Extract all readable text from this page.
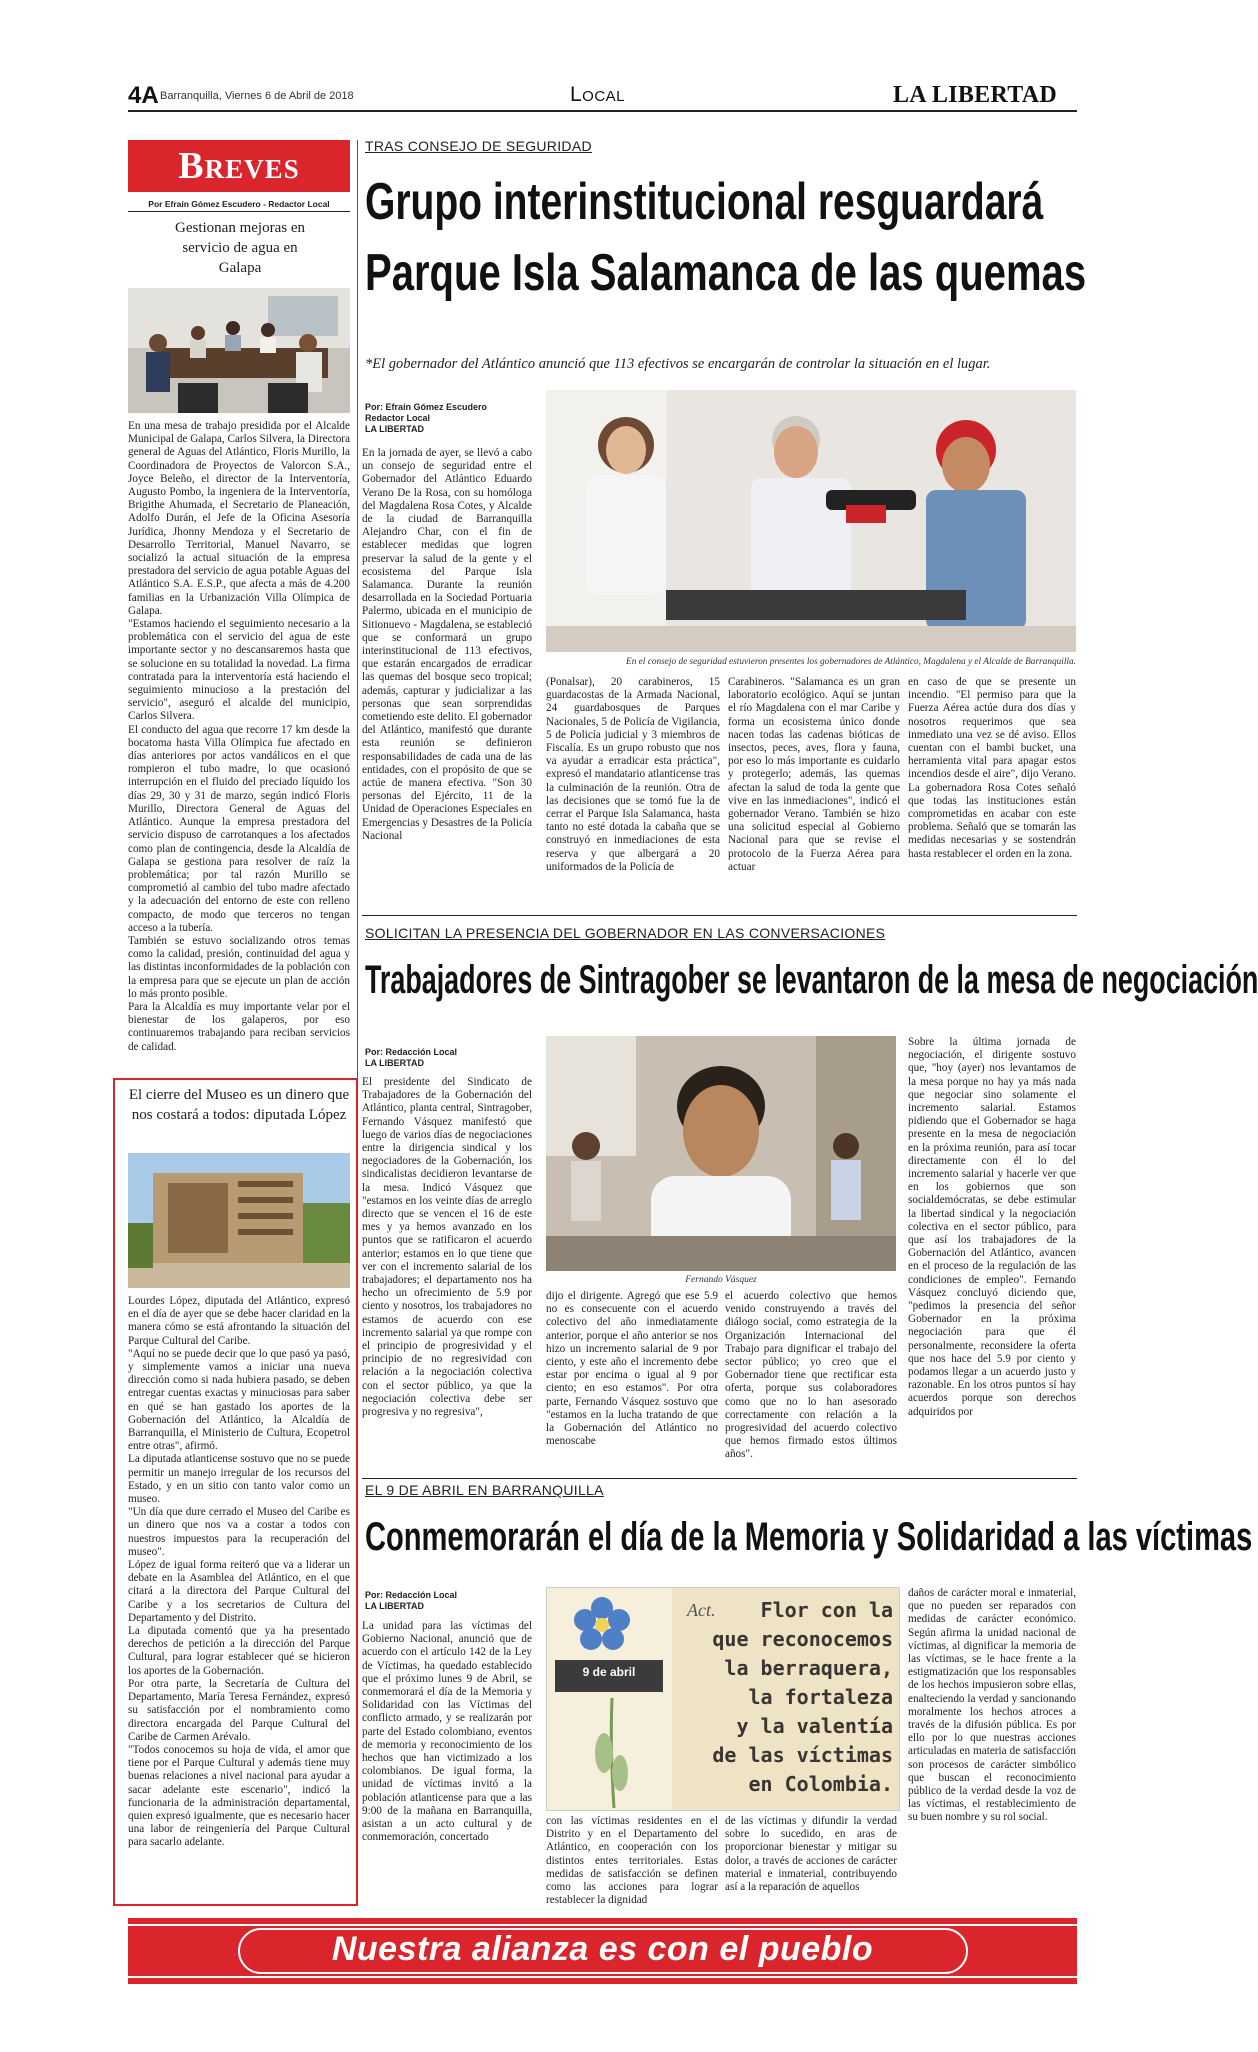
4A Barranquilla, Viernes 6 de Abril de 2018	Local	LA LIBERTAD
Breves
Por Efraín Gómez Escudero - Redactor Local
Gestionan mejoras en servicio de agua en Galapa

En una mesa de trabajo presidida por el Alcalde Municipal de Galapa, Carlos Silvera, la Directora general de Aguas del Atlántico, Floris Murillo, la Coordinadora de Proyectos de Valorcon S.A., Joyce Beleño, el director de la Interventoría, Augusto Pombo, la ingeniera de la Interventoría, Brigithe Ahumada, el Secretario de Planeación, Adolfo Durán, el Jefe de la Oficina Asesoría Jurídica, Jhonny Mendoza y el Secretario de Desarrollo Territorial, Manuel Navarro, se socializó la actual situación de la empresa prestadora del servicio de agua potable Aguas del Atlántico S.A. E.S.P., que afecta a más de 4.200 familias en la Urbanización Villa Olímpica de Galapa.

"Estamos haciendo el seguimiento necesario a la problemática con el servicio del agua de este importante sector y no descansaremos hasta que se solucione en su totalidad la novedad. La firma contratada para la interventoría está haciendo el seguimiento minucioso a la prestación del servicio", aseguró el alcalde del municipio, Carlos Silvera.

El conducto del agua que recorre 17 km desde la bocatoma hasta Villa Olímpica fue afectado en días anteriores por actos vandálicos en el que rompieron el tubo madre, lo que ocasionó interrupción en el fluido del preciado líquido los días 29, 30 y 31 de marzo, según indicó Floris Murillo, Directora General de Aguas del Atlántico. Aunque la empresa prestadora del servicio dispuso de carrotanques a los afectados como plan de contingencia, desde la Alcaldía de Galapa se gestiona para resolver de raíz la problemática; por tal razón Murillo se comprometió al cambio del tubo madre afectado y la adecuación del entorno de este con relleno compacto, de modo que terceros no tengan acceso a la tubería.

También se estuvo socializando otros temas como la calidad, presión, continuidad del agua y las distintas inconformidades de la población con la empresa para que se ejecute un plan de acción lo más pronto posible.

Para la Alcaldía es muy importante velar por el bienestar de los galaperos, por eso continuaremos trabajando para reciban servicios de calidad.

El cierre del Museo es un dinero que nos costará a todos: diputada López

Lourdes López, diputada del Atlántico, expresó en el día de ayer que se debe hacer claridad en la manera cómo se está afrontando la situación del Parque Cultural del Caribe.

"Aquí no se puede decir que lo que pasó ya pasó, y simplemente vamos a iniciar una nueva dirección como si nada hubiera pasado, se deben entregar cuentas exactas y minuciosas para saber en qué se han gastado los aportes de la Gobernación del Atlántico, la Alcaldía de Barranquilla, el Ministerio de Cultura, Ecopetrol entre otras", afirmó.

La diputada atlanticense sostuvo que no se puede permitir un manejo irregular de los recursos del Estado, y en un sitio con tanto valor como un museo.

"Un día que dure cerrado el Museo del Caribe es un dinero que nos va a costar a todos con nuestros impuestos para la recuperación del museo".

López de igual forma reiteró que va a liderar un debate en la Asamblea del Atlántico, en el que citará a la directora del Parque Cultural del Caribe y a los secretarios de Cultura del Departamento y del Distrito.

La diputada comentó que ya ha presentado derechos de petición a la dirección del Parque Cultural, para lograr establecer qué se hicieron los aportes de la Gobernación.

Por otra parte, la Secretaría de Cultura del Departamento, María Teresa Fernández, expresó su satisfacción por el nombramiento como directora encargada del Parque Cultural del Caribe de Carmen Arévalo.

"Todos conocemos su hoja de vida, el amor que tiene por el Parque Cultural y además tiene muy buenas relaciones a nivel nacional para ayudar a sacar adelante este escenario", indicó la funcionaria de la administración departamental, quien expresó igualmente, que es necesario hacer una labor de reingeniería del Parque Cultural para sacarlo adelante.

TRAS CONSEJO DE SEGURIDAD
Grupo interinstitucional resguardará
Parque Isla Salamanca de las quemas
*El gobernador del Atlántico anunció que 113 efectivos se encargarán de controlar la situación en el lugar.
Por: Efraín Gómez Escudero
Redactor Local
LA LIBERTAD
En la jornada de ayer, se llevó a cabo un consejo de seguridad entre el Gobernador del Atlántico Eduardo Verano De la Rosa, con su homóloga del Magdalena Rosa Cotes, y Alcalde de la ciudad de Barranquilla Alejandro Char, con el fin de establecer medidas que logren preservar la salud de la gente y el ecosistema del Parque Isla Salamanca. Durante la reunión desarrollada en la Sociedad Portuaria Palermo, ubicada en el municipio de Sitionuevo - Magdalena, se estableció que se conformará un grupo interinstitucional de 113 efectivos, que estarán encargados de erradicar las quemas del bosque seco tropical; además, capturar y judicializar a las personas que sean sorprendidas cometiendo este delito. El gobernador del Atlántico, manifestó que durante esta reunión se definieron responsabilidades de cada una de las entidades, con el propósito de que se actúe de manera efectiva. "Son 30 personas del Ejército, 11 de la Unidad de Operaciones Especiales en Emergencias y Desastres de la Policía Nacional
En el consejo de seguridad estuvieron presentes los gobernadores de Atlántico, Magdalena y el Alcalde de Barranquilla.
(Ponalsar), 20 carabineros, 15 guardacostas de la Armada Nacional, 24 guardabosques de Parques Nacionales, 5 de Policía de Vigilancia, 5 de Policía judicial y 3 miembros de Fiscalía. Es un grupo robusto que nos va ayudar a erradicar esta práctica", expresó el mandatario atlanticense tras la culminación de la reunión. Otra de las decisiones que se tomó fue la de cerrar el Parque Isla Salamanca, hasta tanto no esté dotada la cabaña que se construyó en inmediaciones de esta reserva y que albergará a 20 uniformados de la Policía de
Carabineros. "Salamanca es un gran laboratorio ecológico. Aquí se juntan el río Magdalena con el mar Caribe y forma un ecosistema único donde nacen todas las cadenas bióticas de insectos, peces, aves, flora y fauna, por eso lo más importante es cuidarlo y protegerlo; además, las quemas afectan la salud de toda la gente que vive en las inmediaciones", indicó el gobernador Verano. También se hizo una solicitud especial al Gobierno Nacional para que se revise el protocolo de la Fuerza Aérea para actuar
en caso de que se presente un incendio. "El permiso para que la Fuerza Aérea actúe dura dos días y nosotros requerimos que sea inmediato una vez se dé aviso. Ellos cuentan con el bambi bucket, una herramienta vital para apagar estos incendios desde el aire", dijo Verano. La gobernadora Rosa Cotes señaló que todas las instituciones están comprometidas en acabar con este problema. Señaló que se tomarán las medidas necesarias y se sostendrán hasta restablecer el orden en la zona.
SOLICITAN LA PRESENCIA DEL GOBERNADOR EN LAS CONVERSACIONES
Trabajadores de Sintragober se levantaron de la mesa de negociación
Por: Redacción Local
LA LIBERTAD
El presidente del Sindicato de Trabajadores de la Gobernación del Atlántico, planta central, Sintragober, Fernando Vásquez manifestó que luego de varios días de negociaciones entre la dirigencia sindical y los negociadores de la Gobernación, los sindicalistas decidieron levantarse de la mesa. Indicó Vásquez que "estamos en los veinte días de arreglo directo que se vencen el 16 de este mes y ya hemos avanzado en los puntos que se ratificaron el acuerdo anterior; estamos en lo que tiene que ver con el incremento salarial de los trabajadores; el departamento nos ha hecho un ofrecimiento de 5.9 por ciento y nosotros, los trabajadores no estamos de acuerdo con ese incremento salarial ya que rompe con el principio de progresividad y el principio de no regresividad con relación a la negociación colectiva con el sector público, ya que la negociación colectiva debe ser progresiva y no regresiva",
Fernando Vásquez
dijo el dirigente. Agregó que ese 5.9 no es consecuente con el acuerdo colectivo del año inmediatamente anterior, porque el año anterior se nos hizo un incremento salarial de 9 por ciento, y este año el incremento debe estar por encima o igual al 9 por ciento; en eso estamos". Por otra parte, Fernando Vásquez sostuvo que "estamos en la lucha tratando de que la Gobernación del Atlántico no menoscabe
el acuerdo colectivo que hemos venido construyendo a través del diálogo social, como estrategia de la Organización Internacional del Trabajo para dignificar el trabajo del sector público; yo creo que el Gobernador tiene que rectificar esta oferta, porque sus colaboradores como que no lo han asesorado correctamente con relación a la progresividad del acuerdo colectivo que hemos firmado estos últimos años".
Sobre la última jornada de negociación, el dirigente sostuvo que, "hoy (ayer) nos levantamos de la mesa porque no hay ya más nada que negociar sino solamente el incremento salarial. Estamos pidiendo que el Gobernador se haga presente en la mesa de negociación en la próxima reunión, para así tocar directamente con él lo del incremento salarial y hacerle ver que en los gobiernos que son socialdemócratas, se debe estimular la libertad sindical y la negociación colectiva en el sector público, para que así los trabajadores de la Gobernación del Atlántico, avancen en el proceso de la regulación de las condiciones de empleo". Fernando Vásquez concluyó diciendo que, "pedimos la presencia del señor Gobernador en la próxima negociación para que él personalmente, reconsidere la oferta que nos hace del 5.9 por ciento y podamos llegar a un acuerdo justo y razonable. En los otros puntos sí hay acuerdos porque son derechos adquiridos por
EL 9 DE ABRIL EN BARRANQUILLA
Conmemorarán el día de la Memoria y Solidaridad a las víctimas
Por: Redacción Local
LA LIBERTAD
La unidad para las víctimas del Gobierno Nacional, anunció que de acuerdo con el artículo 142 de la Ley de Víctimas, ha quedado establecido que el próximo lunes 9 de Abril, se conmemorará el día de la Memoria y Solidaridad con las Víctimas del conflicto armado, y se realizarán por parte del Estado colombiano, eventos de memoria y reconocimiento de los hechos que han victimizado a los colombianos. De igual forma, la unidad de víctimas invitó a la población atlanticense para que a las 9:00 de la mañana en Barranquilla, asistan a un acto cultural y de conmemoración, concertado
9 de abril
Act.	Flor con la
que reconocemos
la berraquera,
la fortaleza
y la valentía
de las víctimas
en Colombia.
con las víctimas residentes en el Distrito y en el Departamento del Atlántico, en cooperación con los distintos entes territoriales. Estas medidas de satisfacción se definen como las acciones para lograr restablecer la dignidad
de las víctimas y difundir la verdad sobre lo sucedido, en aras de proporcionar bienestar y mitigar su dolor, a través de acciones de carácter material e inmaterial, contribuyendo así a la reparación de aquellos
daños de carácter moral e inmaterial, que no pueden ser reparados con medidas de carácter económico. Según afirma la unidad nacional de víctimas, al dignificar la memoria de las víctimas, se le hace frente a la estigmatización que los responsables de los hechos impusieron sobre ellas, enalteciendo la verdad y sancionando moralmente los hechos atroces a través de la difusión pública. Es por ello por lo que nuestras acciones articuladas en materia de satisfacción son procesos de carácter simbólico que buscan el reconocimiento público de la verdad desde la voz de las víctimas, el restablecimiento de su buen nombre y su rol social.
Nuestra alianza es con el pueblo
